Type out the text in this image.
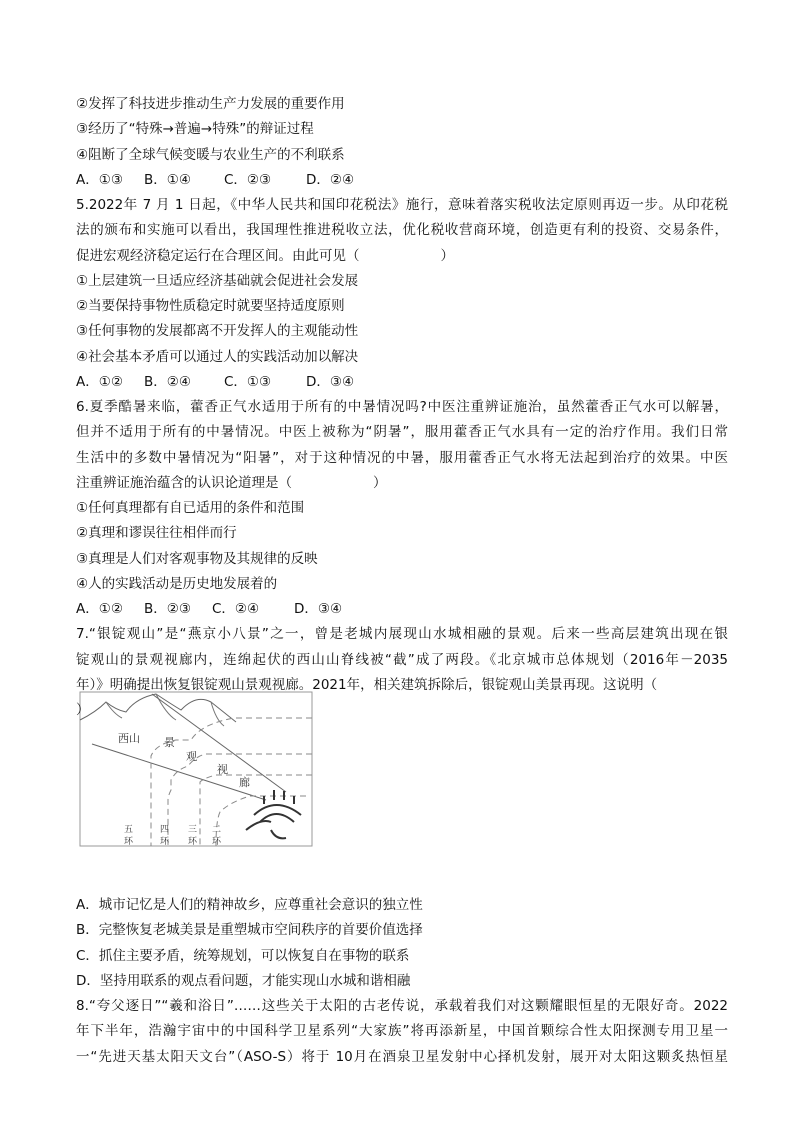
②发挥了科技进步推动生产力发展的重要作用
③经历了“特殊→普遍→特殊”的辩证过程
④阻断了全球气候变暖与农业生产的不利联系
A．①③ B．①④ C．②③	D．②④
5.2022年 7 月 1 日起，《中华人民共和国印花税法》施行，意味着落实税收法定原则再迈一步。从印花税
法的颁布和实施可以看出，我国理性推进税收立法，优化税收营商环境，创造更有利的投资、交易条件，
促进宏观经济稳定运行在合理区间。由此可见（　　　　　　）
①上层建筑一旦适应经济基础就会促进社会发展
②当要保持事物性质稳定时就要坚持适度原则
③任何事物的发展都离不开发挥人的主观能动性
④社会基本矛盾可以通过人的实践活动加以解决
A．①② B．②④ C．①③	D．③④
6.夏季酷暑来临，藿香正气水适用于所有的中暑情况吗?中医注重辨证施治，虽然藿香正气水可以解暑，
但并不适用于所有的中暑情况。中医上被称为“阴暑”，服用藿香正气水具有一定的治疗作用。我们日常
生活中的多数中暑情况为“阳暑”，对于这种情况的中暑，服用藿香正气水将无法起到治疗的效果。中医
注重辨证施治蕴含的认识论道理是（　　　　　　）
①任何真理都有自已适用的条件和范围
②真理和谬误往往相伴而行
③真理是人们对客观事物及其规律的反映
④人的实践活动是历史地发展着的
A．①② B．②③ C．②④	D．③④
7.“银锭观山”是“燕京小八景”之一，曾是老城内展现山水城相融的景观。后来一些高层建筑出现在银
锭观山的景观视廊内，连绵起伏的西山山脊线被“截”成了两段。《北京城市总体规划（2016年－2035
年）》明确提出恢复银锭观山景观视廊。2021年，相关建筑拆除后，银锭观山美景再现。这说明（
）
西山 景
观
视
廊
五
环
四
环
三
环
二
环
A．城市记忆是人们的精神故乡，应尊重社会意识的独立性
B．完整恢复老城美景是重塑城市空间秩序的首要价值选择
C．抓住主要矛盾，统筹规划，可以恢复自在事物的联系
D．坚持用联系的观点看问题，才能实现山水城和谐相融
8.“夸父逐日”“羲和浴日”……这些关于太阳的古老传说，承载着我们对这颗耀眼恒星的无限好奇。2022
年下半年，浩瀚宇宙中的中国科学卫星系列“大家族”将再添新星，中国首颗综合性太阳探测专用卫星一
一“先进天基太阳天文台”（ASO-S）将于 10月在酒泉卫星发射中心择机发射，展开对太阳这颗炙热恒星
